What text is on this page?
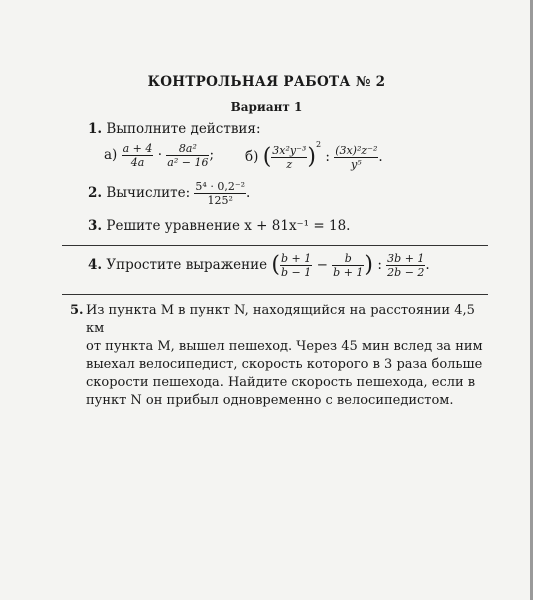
КОНТРОЛЬНАЯ РАБОТА № 2
Вариант 1
1. Выполните действия:
$а) \frac{a + 4}{4a} \cdot \frac{\text{8a²}}{\text{a² − 16}}$ ; б) ( $\frac{\text{3x²y⁻³}}{z} )^2$ : $\frac{\text{(3x)²z⁻²}}{\text{y⁵}}$ .
2. Вычислите: $\frac{\text{5⁴ · 0,2⁻²}}{\text{125²}}$ .
3. Решите уравнение x + 81x⁻¹ = 18.
4. Упростите выражение ( $\frac{b + 1}{b - 1} - \frac{b}{b + 1}$ ) : $\frac{3b + 1}{2b - 2}$ .
5. Из пункта M в пункт N, находящийся на расстоянии 4,5 км
от пункта M, вышел пешеход. Через 45 мин вслед за ним
выехал велосипедист, скорость которого в 3 раза больше
скорости пешехода. Найдите скорость пешехода, если в
пункт N он прибыл одновременно с велосипедистом.
